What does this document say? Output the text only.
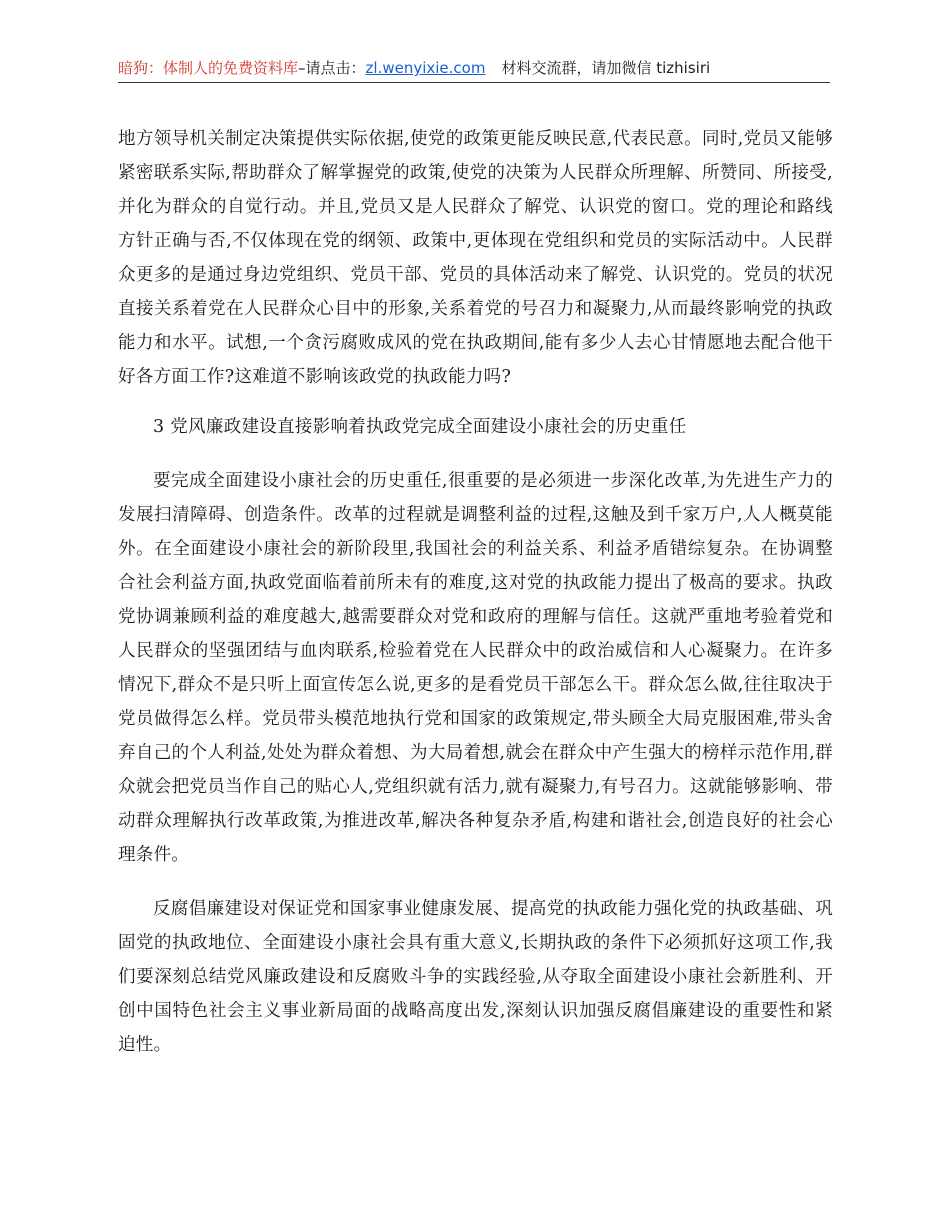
暗狗：体制人的免费资料库–请点击：zl.wenyixie.com 材料交流群，请加微信 tizhisiri

地方领导机关制定决策提供实际依据,使党的政策更能反映民意,代表民意。同时,党员又能够紧密联系实际,帮助群众了解掌握党的政策,使党的决策为人民群众所理解、所赞同、所接受,并化为群众的自觉行动。并且,党员又是人民群众了解党、认识党的窗口。党的理论和路线方针正确与否,不仅体现在党的纲领、政策中,更体现在党组织和党员的实际活动中。人民群众更多的是通过身边党组织、党员干部、党员的具体活动来了解党、认识党的。党员的状况直接关系着党在人民群众心目中的形象,关系着党的号召力和凝聚力,从而最终影响党的执政能力和水平。试想,一个贪污腐败成风的党在执政期间,能有多少人去心甘情愿地去配合他干好各方面工作?这难道不影响该政党的执政能力吗?

3 党风廉政建设直接影响着执政党完成全面建设小康社会的历史重任

要完成全面建设小康社会的历史重任,很重要的是必须进一步深化改革,为先进生产力的发展扫清障碍、创造条件。改革的过程就是调整利益的过程,这触及到千家万户,人人概莫能外。在全面建设小康社会的新阶段里,我国社会的利益关系、利益矛盾错综复杂。在协调整合社会利益方面,执政党面临着前所未有的难度,这对党的执政能力提出了极高的要求。执政党协调兼顾利益的难度越大,越需要群众对党和政府的理解与信任。这就严重地考验着党和人民群众的坚强团结与血肉联系,检验着党在人民群众中的政治威信和人心凝聚力。在许多情况下,群众不是只听上面宣传怎么说,更多的是看党员干部怎么干。群众怎么做,往往取决于党员做得怎么样。党员带头模范地执行党和国家的政策规定,带头顾全大局克服困难,带头舍弃自己的个人利益,处处为群众着想、为大局着想,就会在群众中产生强大的榜样示范作用,群众就会把党员当作自己的贴心人,党组织就有活力,就有凝聚力,有号召力。这就能够影响、带动群众理解执行改革政策,为推进改革,解决各种复杂矛盾,构建和谐社会,创造良好的社会心理条件。

反腐倡廉建设对保证党和国家事业健康发展、提高党的执政能力强化党的执政基础、巩固党的执政地位、全面建设小康社会具有重大意义,长期执政的条件下必须抓好这项工作,我们要深刻总结党风廉政建设和反腐败斗争的实践经验,从夺取全面建设小康社会新胜利、开创中国特色社会主义事业新局面的战略高度出发,深刻认识加强反腐倡廉建设的重要性和紧迫性。
